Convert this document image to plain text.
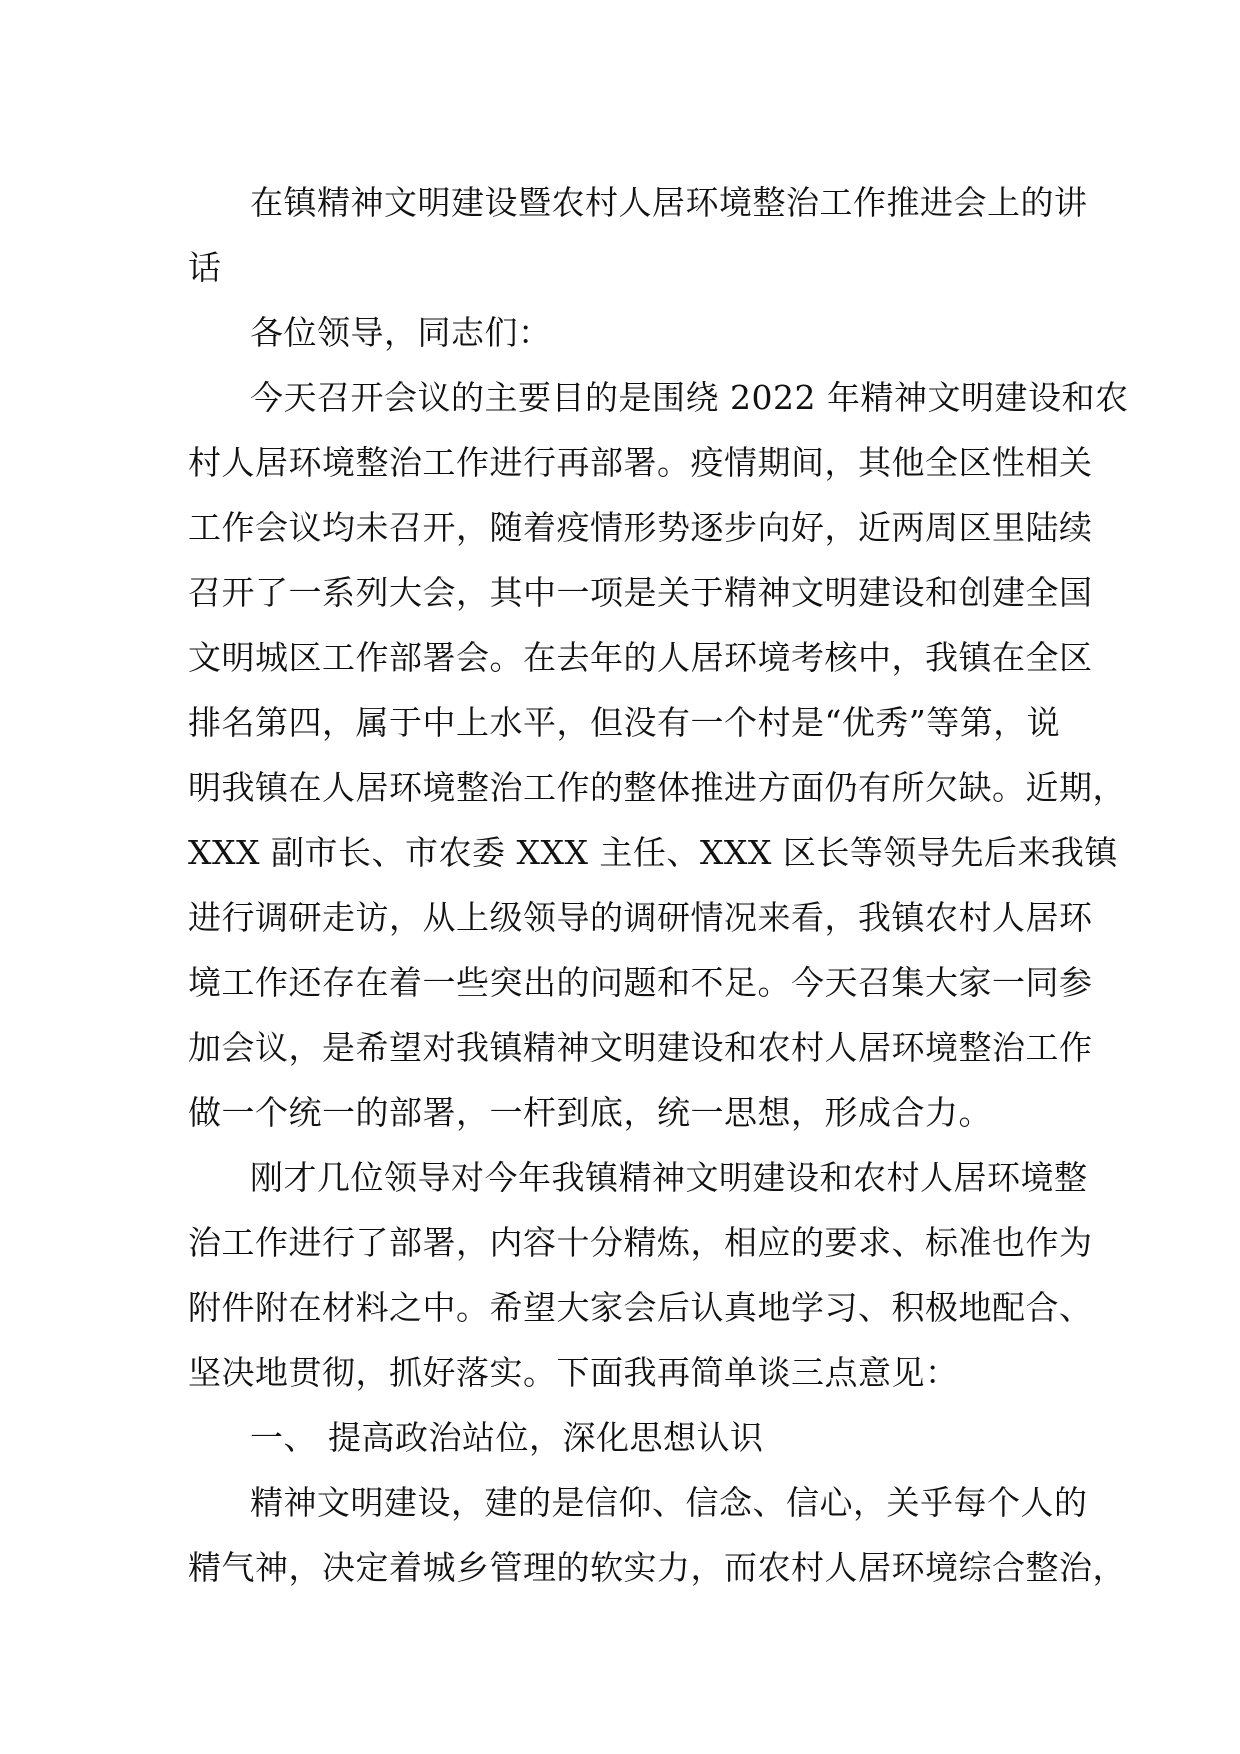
在镇精神文明建设暨农村人居环境整治工作推进会上的讲
话
各位领导，同志们：
今天召开会议的主要目的是围绕 2022 年精神文明建设和农
村人居环境整治工作进行再部署。疫情期间，其他全区性相关
工作会议均未召开，随着疫情形势逐步向好，近两周区里陆续
召开了一系列大会，其中一项是关于精神文明建设和创建全国
文明城区工作部署会。在去年的人居环境考核中，我镇在全区
排名第四，属于中上水平，但没有一个村是“优秀”等第，说
明我镇在人居环境整治工作的整体推进方面仍有所欠缺。近期，
XXX 副市长、市农委 XXX 主任、XXX 区长等领导先后来我镇
进行调研走访，从上级领导的调研情况来看，我镇农村人居环
境工作还存在着一些突出的问题和不足。今天召集大家一同参
加会议，是希望对我镇精神文明建设和农村人居环境整治工作
做一个统一的部署，一杆到底，统一思想，形成合力。
刚才几位领导对今年我镇精神文明建设和农村人居环境整
治工作进行了部署，内容十分精炼，相应的要求、标准也作为
附件附在材料之中。希望大家会后认真地学习、积极地配合、
坚决地贯彻，抓好落实。下面我再简单谈三点意见：
一、 提高政治站位，深化思想认识
精神文明建设，建的是信仰、信念、信心，关乎每个人的
精气神，决定着城乡管理的软实力，而农村人居环境综合整治，
